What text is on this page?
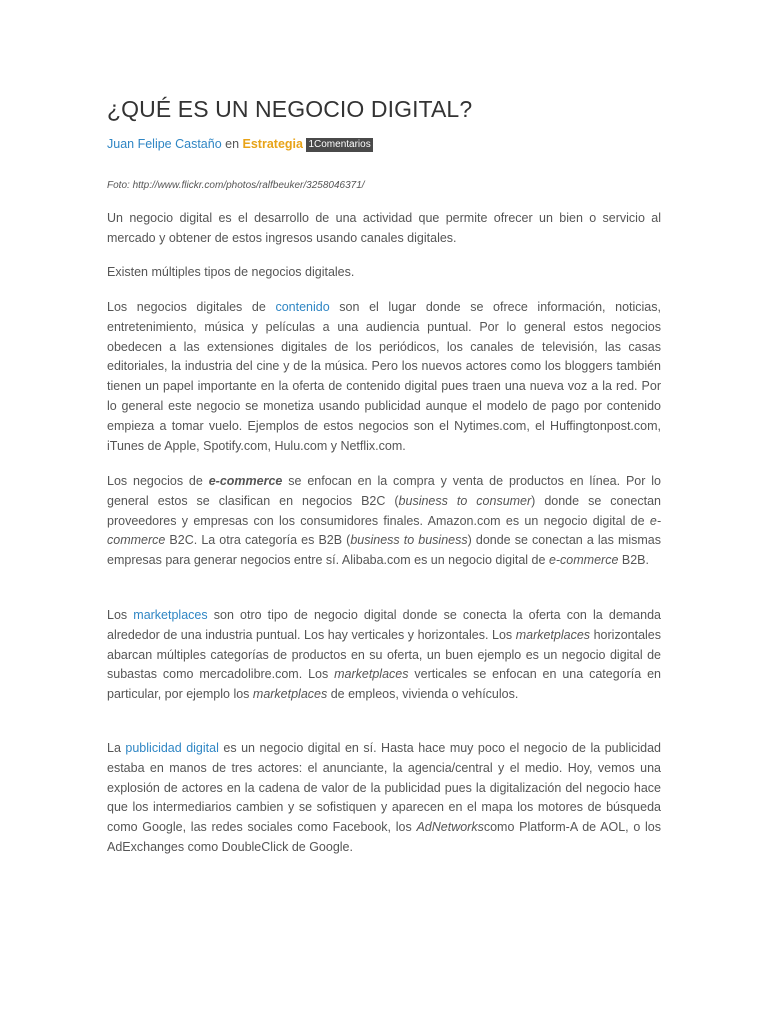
¿QUÉ ES UN NEGOCIO DIGITAL?
Juan Felipe Castaño en Estrategia 1Comentarios
Foto: http://www.flickr.com/photos/ralfbeuker/3258046371/

Un negocio digital es el desarrollo de una actividad que permite ofrecer un bien o servicio al mercado y obtener de estos ingresos usando canales digitales.

Existen múltiples tipos de negocios digitales.

Los negocios digitales de contenido son el lugar donde se ofrece información, noticias, entretenimiento, música y películas a una audiencia puntual. Por lo general estos negocios obedecen a las extensiones digitales de los periódicos, los canales de televisión, las casas editoriales, la industria del cine y de la música. Pero los nuevos actores como los bloggers también tienen un papel importante en la oferta de contenido digital pues traen una nueva voz a la red. Por lo general este negocio se monetiza usando publicidad aunque el modelo de pago por contenido empieza a tomar vuelo. Ejemplos de estos negocios son el Nytimes.com, el Huffingtonpost.com, iTunes de Apple, Spotify.com, Hulu.com y Netflix.com.

Los negocios de e-commerce se enfocan en la compra y venta de productos en línea. Por lo general estos se clasifican en negocios B2C (business to consumer) donde se conectan proveedores y empresas con los consumidores finales. Amazon.com es un negocio digital de e-commerce B2C. La otra categoría es B2B (business to business) donde se conectan a las mismas empresas para generar negocios entre sí. Alibaba.com es un negocio digital de e-commerce B2B.

Los marketplaces son otro tipo de negocio digital donde se conecta la oferta con la demanda alrededor de una industria puntual. Los hay verticales y horizontales. Los marketplaces horizontales abarcan múltiples categorías de productos en su oferta, un buen ejemplo es un negocio digital de subastas como mercadolibre.com. Los marketplaces verticales se enfocan en una categoría en particular, por ejemplo los marketplaces de empleos, vivienda o vehículos.

La publicidad digital es un negocio digital en sí. Hasta hace muy poco el negocio de la publicidad estaba en manos de tres actores: el anunciante, la agencia/central y el medio. Hoy, vemos una explosión de actores en la cadena de valor de la publicidad pues la digitalización del negocio hace que los intermediarios cambien y se sofistiquen y aparecen en el mapa los motores de búsqueda como Google, las redes sociales como Facebook, los AdNetworkscomo Platform-A de AOL, o los AdExchanges como DoubleClick de Google.
